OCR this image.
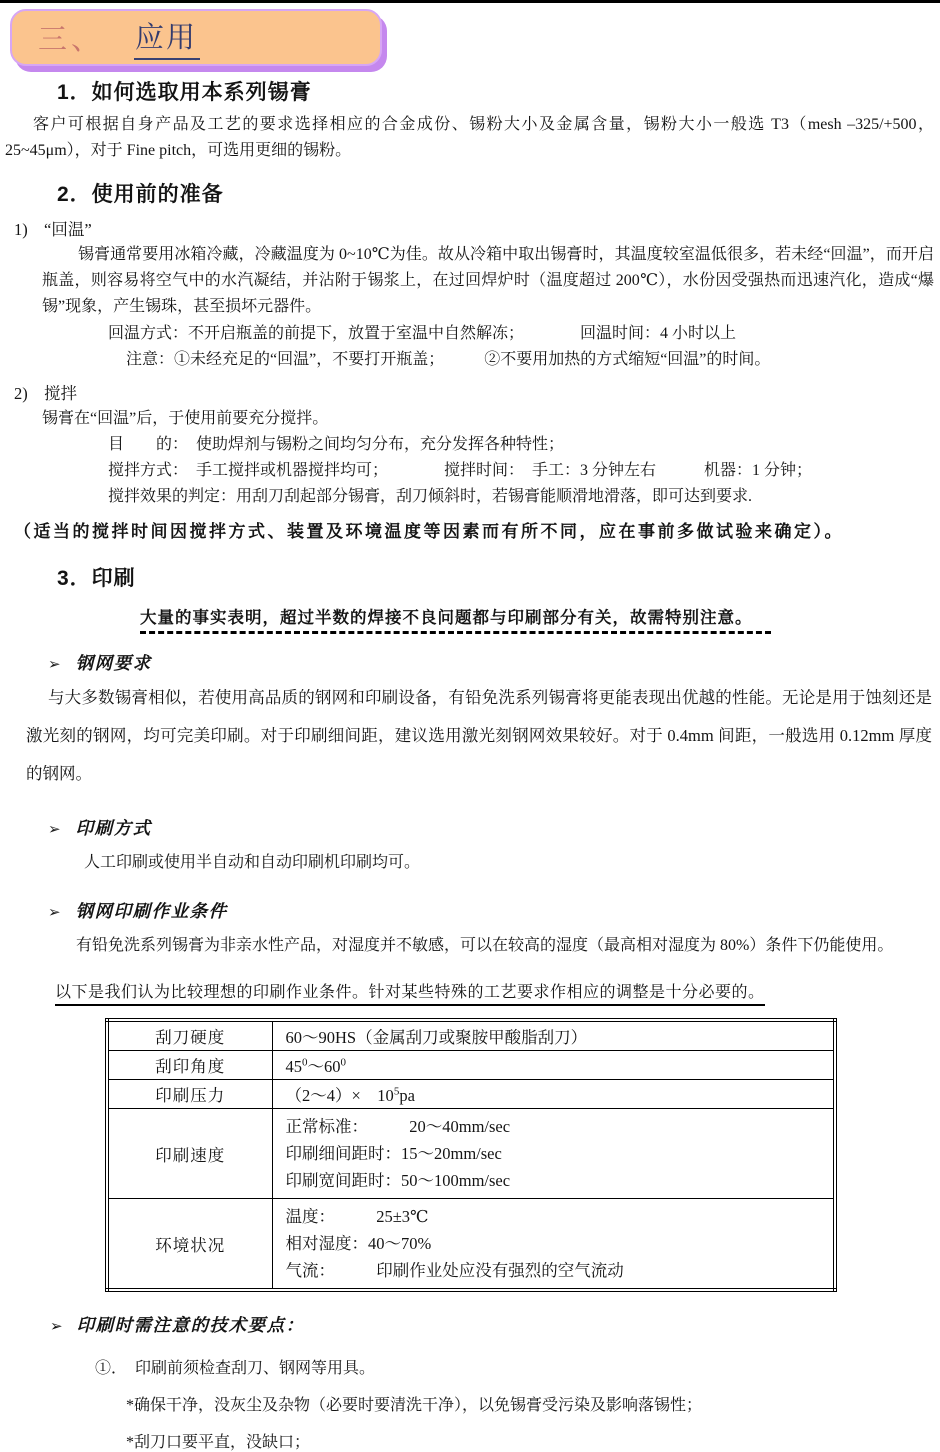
三、 应用
1．如何选取用本系列锡膏
客户可根据自身产品及工艺的要求选择相应的合金成份、锡粉大小及金属含量，锡粉大小一般选 T3（mesh –325/+500，25~45μm），对于 Fine pitch，可选用更细的锡粉。
2．使用前的准备
1) “回温”
锡膏通常要用冰箱冷藏，冷藏温度为 0~10℃为佳。故从冷箱中取出锡膏时，其温度较室温低很多，若未经“回温”，而开启瓶盖，则容易将空气中的水汽凝结，并沾附于锡浆上，在过回焊炉时（温度超过 200℃），水份因受强热而迅速汽化，造成“爆锡”现象，产生锡珠，甚至损坏元器件。
回温方式：不开启瓶盖的前提下，放置于室温中自然解冻；　　　　回温时间：4 小时以上
注意：①未经充足的“回温”，不要打开瓶盖；　　　②不要用加热的方式缩短“回温”的时间。
2) 搅拌
锡膏在“回温”后，于使用前要充分搅拌。
目　　的：　使助焊剂与锡粉之间均匀分布，充分发挥各种特性；
搅拌方式：　手工搅拌或机器搅拌均可；　　　　搅拌时间：　手工：3 分钟左右　　　机器：1 分钟；
搅拌效果的判定：用刮刀刮起部分锡膏，刮刀倾斜时，若锡膏能顺滑地滑落，即可达到要求.
（适当的搅拌时间因搅拌方式、装置及环境温度等因素而有所不同，应在事前多做试验来确定）。
3．印刷
大量的事实表明，超过半数的焊接不良问题都与印刷部分有关，故需特别注意。
➢ 钢网要求
与大多数锡膏相似，若使用高品质的钢网和印刷设备，有铅免洗系列锡膏将更能表现出优越的性能。无论是用于蚀刻还是激光刻的钢网，均可完美印刷。对于印刷细间距，建议选用激光刻钢网效果较好。对于 0.4mm 间距，一般选用 0.12mm 厚度的钢网。
➢ 印刷方式
人工印刷或使用半自动和自动印刷机印刷均可。
➢ 钢网印刷作业条件
有铅免洗系列锡膏为非亲水性产品，对湿度并不敏感，可以在较高的湿度（最高相对湿度为 80%）条件下仍能使用。
以下是我们认为比较理想的印刷作业条件。针对某些特殊的工艺要求作相应的调整是十分必要的。
刮刀硬度	60～90HS（金属刮刀或聚胺甲酸脂刮刀）
刮印角度	$45^0\sim 60^0$
印刷压力	（2～4）×　$10^5pa$
印刷速度	正常标准：　　　20～40mm/sec
印刷细间距时：15～20mm/sec
印刷宽间距时：50～100mm/sec

环境状况	温度：　　　25±3℃
相对湿度：40～70%
气流：　　　印刷作业处应没有强烈的空气流动
➢ 印刷时需注意的技术要点：
①．　印刷前须检查刮刀、钢网等用具。
*确保干净，没灰尘及杂物（必要时要清洗干净），以免锡膏受污染及影响落锡性；
*刮刀口要平直，没缺口；
